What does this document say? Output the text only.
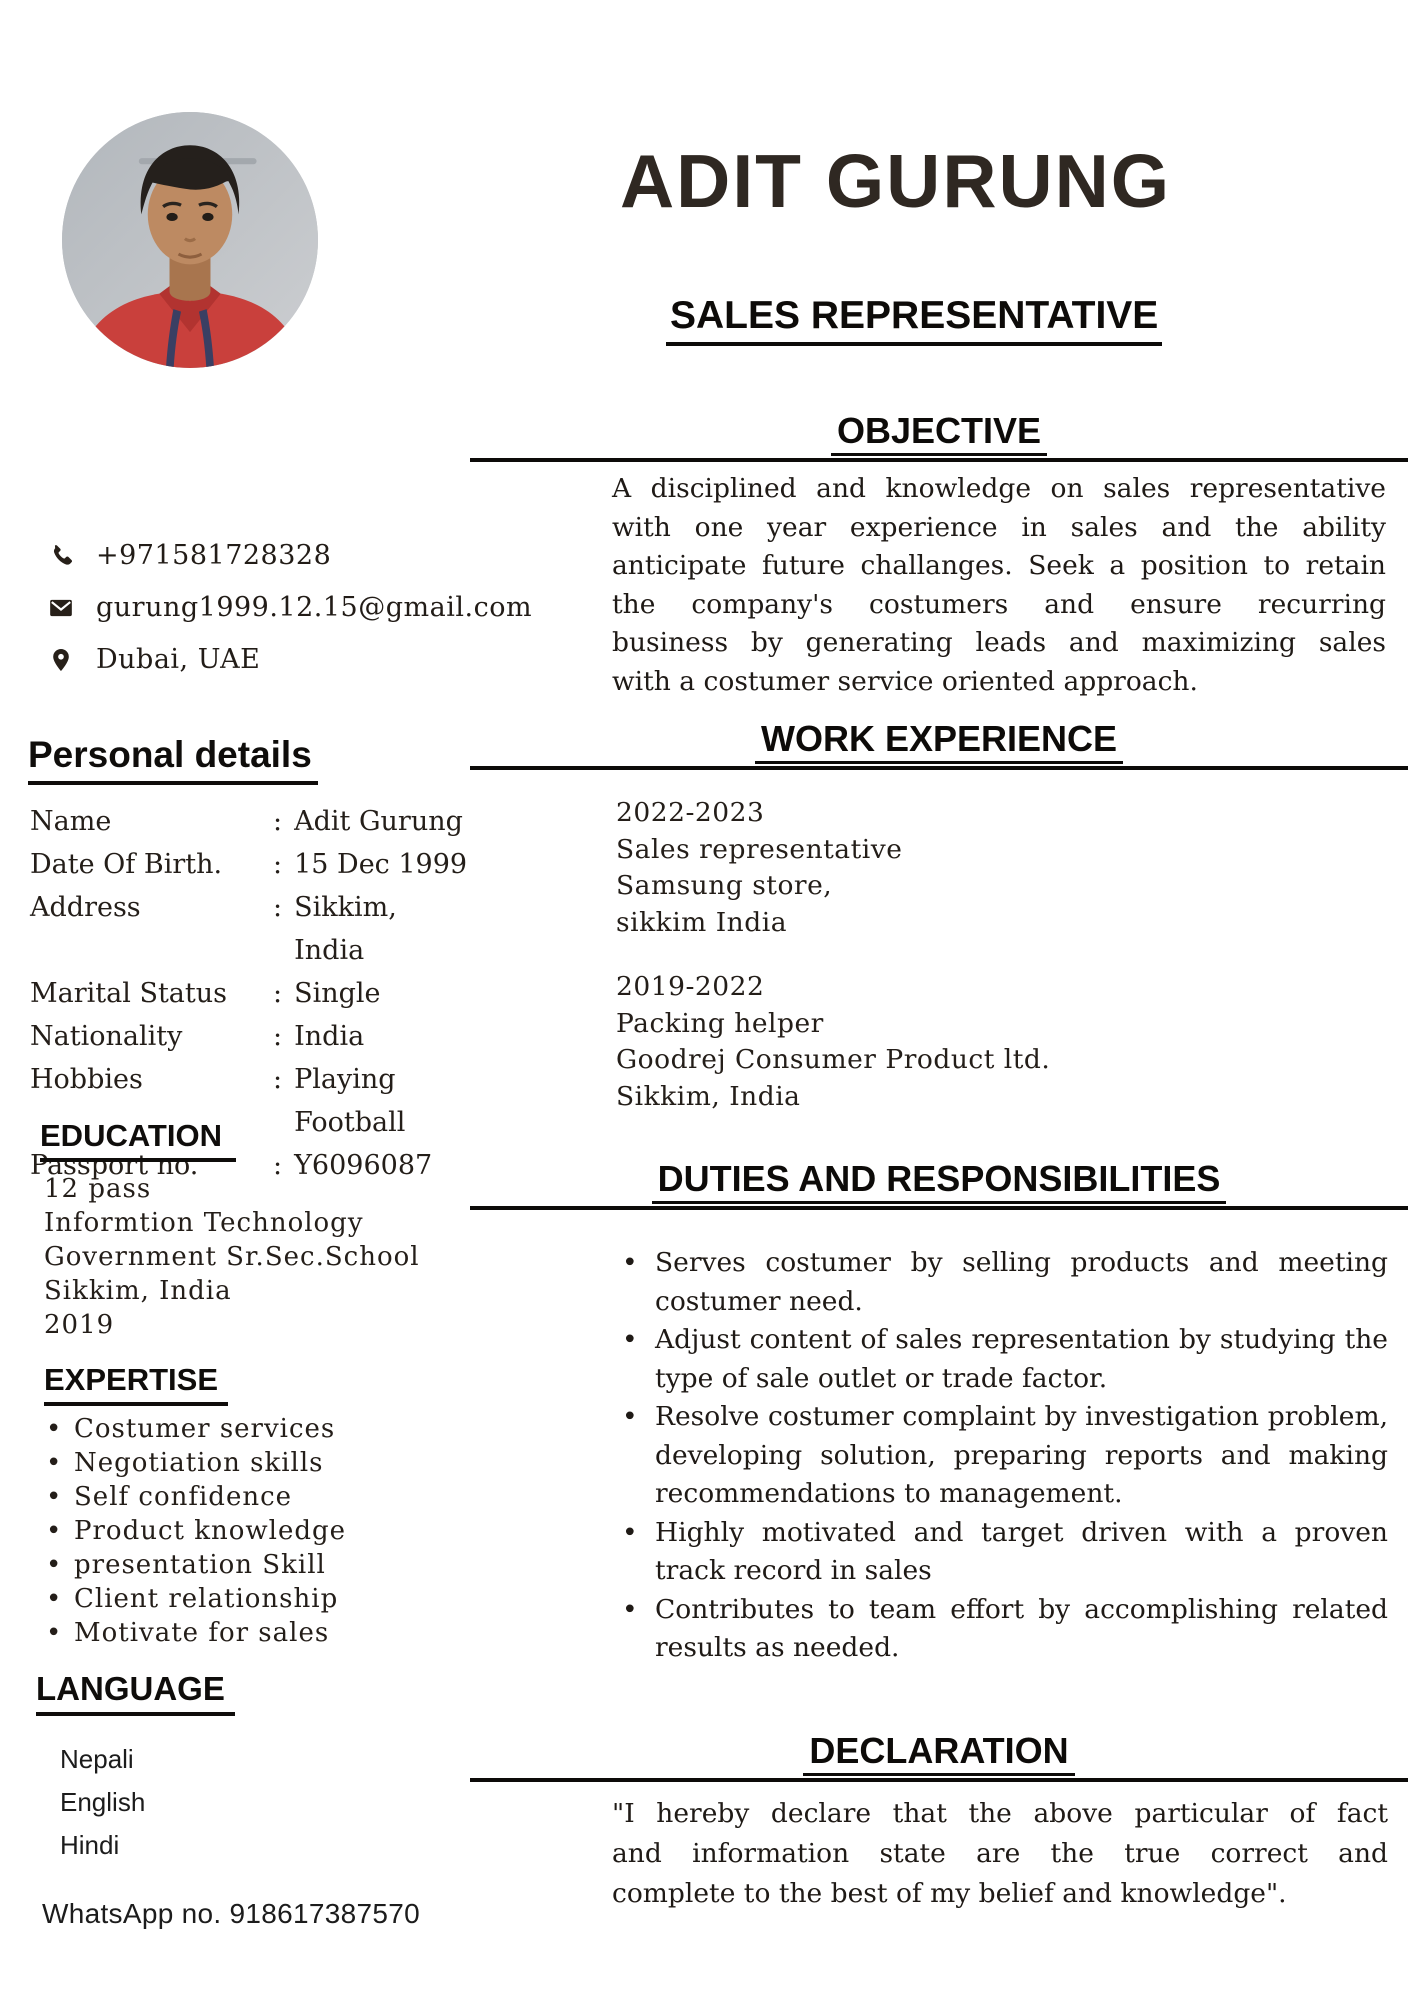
+971581728328
gurung1999.12.15@gmail.com
Dubai, UAE
Personal details
Name	: Adit Gurung
Date Of Birth.	: 15 Dec 1999
Address	: Sikkim, India
Marital Status	: Single
Nationality	: India
Hobbies	: Playing Football
Passport no.	: Y6096087
EDUCATION
12 pass
Informtion Technology
Government Sr.Sec.School
Sikkim, India
2019
EXPERTISE
•
Costumer services
•
Negotiation skills
•
Self confidence
•
Product knowledge
•
presentation Skill
•
Client relationship
•
Motivate for sales
LANGUAGE
Nepali
English
Hindi
WhatsApp no. 918617387570
ADIT GURUNG
SALES REPRESENTATIVE
OBJECTIVE
A disciplined and knowledge on sales representative
with one year experience in sales and the ability
anticipate future challanges. Seek a position to retain
the company's costumers and ensure recurring
business by generating leads and maximizing sales
with a costumer service oriented approach.
WORK EXPERIENCE
2022-2023
Sales representative
Samsung store,
sikkim India
2019-2022
Packing helper
Goodrej Consumer Product ltd.
Sikkim, India
DUTIES AND RESPONSIBILITIES
•
Serves costumer by selling products and meeting
costumer need.
•
Adjust content of sales representation by studying the
type of sale outlet or trade factor.
•
Resolve costumer complaint by investigation problem,
developing solution, preparing reports and making
recommendations to management.
•
Highly motivated and target driven with a proven
track record in sales
•
Contributes to team effort by accomplishing related
results as needed.
DECLARATION
"I hereby declare that the above particular of fact
and information state are the true correct and
complete to the best of my belief and knowledge".
